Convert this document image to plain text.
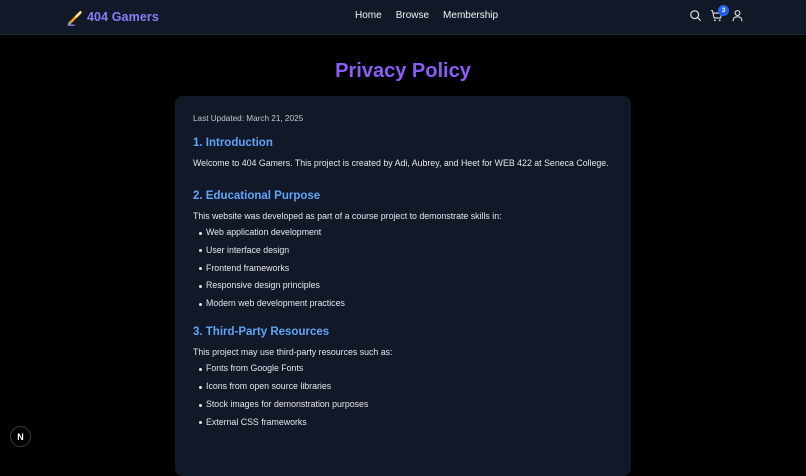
404 Gamers	Home Browse Membership	3
Privacy Policy

Last Updated: March 21, 2025

1. Introduction

Welcome to 404 Gamers. This project is created by Adi, Aubrey, and Heet for WEB 422 at Seneca College.

2. Educational Purpose

This website was developed as part of a course project to demonstrate skills in:

Web application development
User interface design
Frontend frameworks
Responsive design principles
Modern web development practices
3. Third-Party Resources

This project may use third-party resources such as:

Fonts from Google Fonts
Icons from open source libraries
Stock images for demonstration purposes
External CSS frameworks
N
